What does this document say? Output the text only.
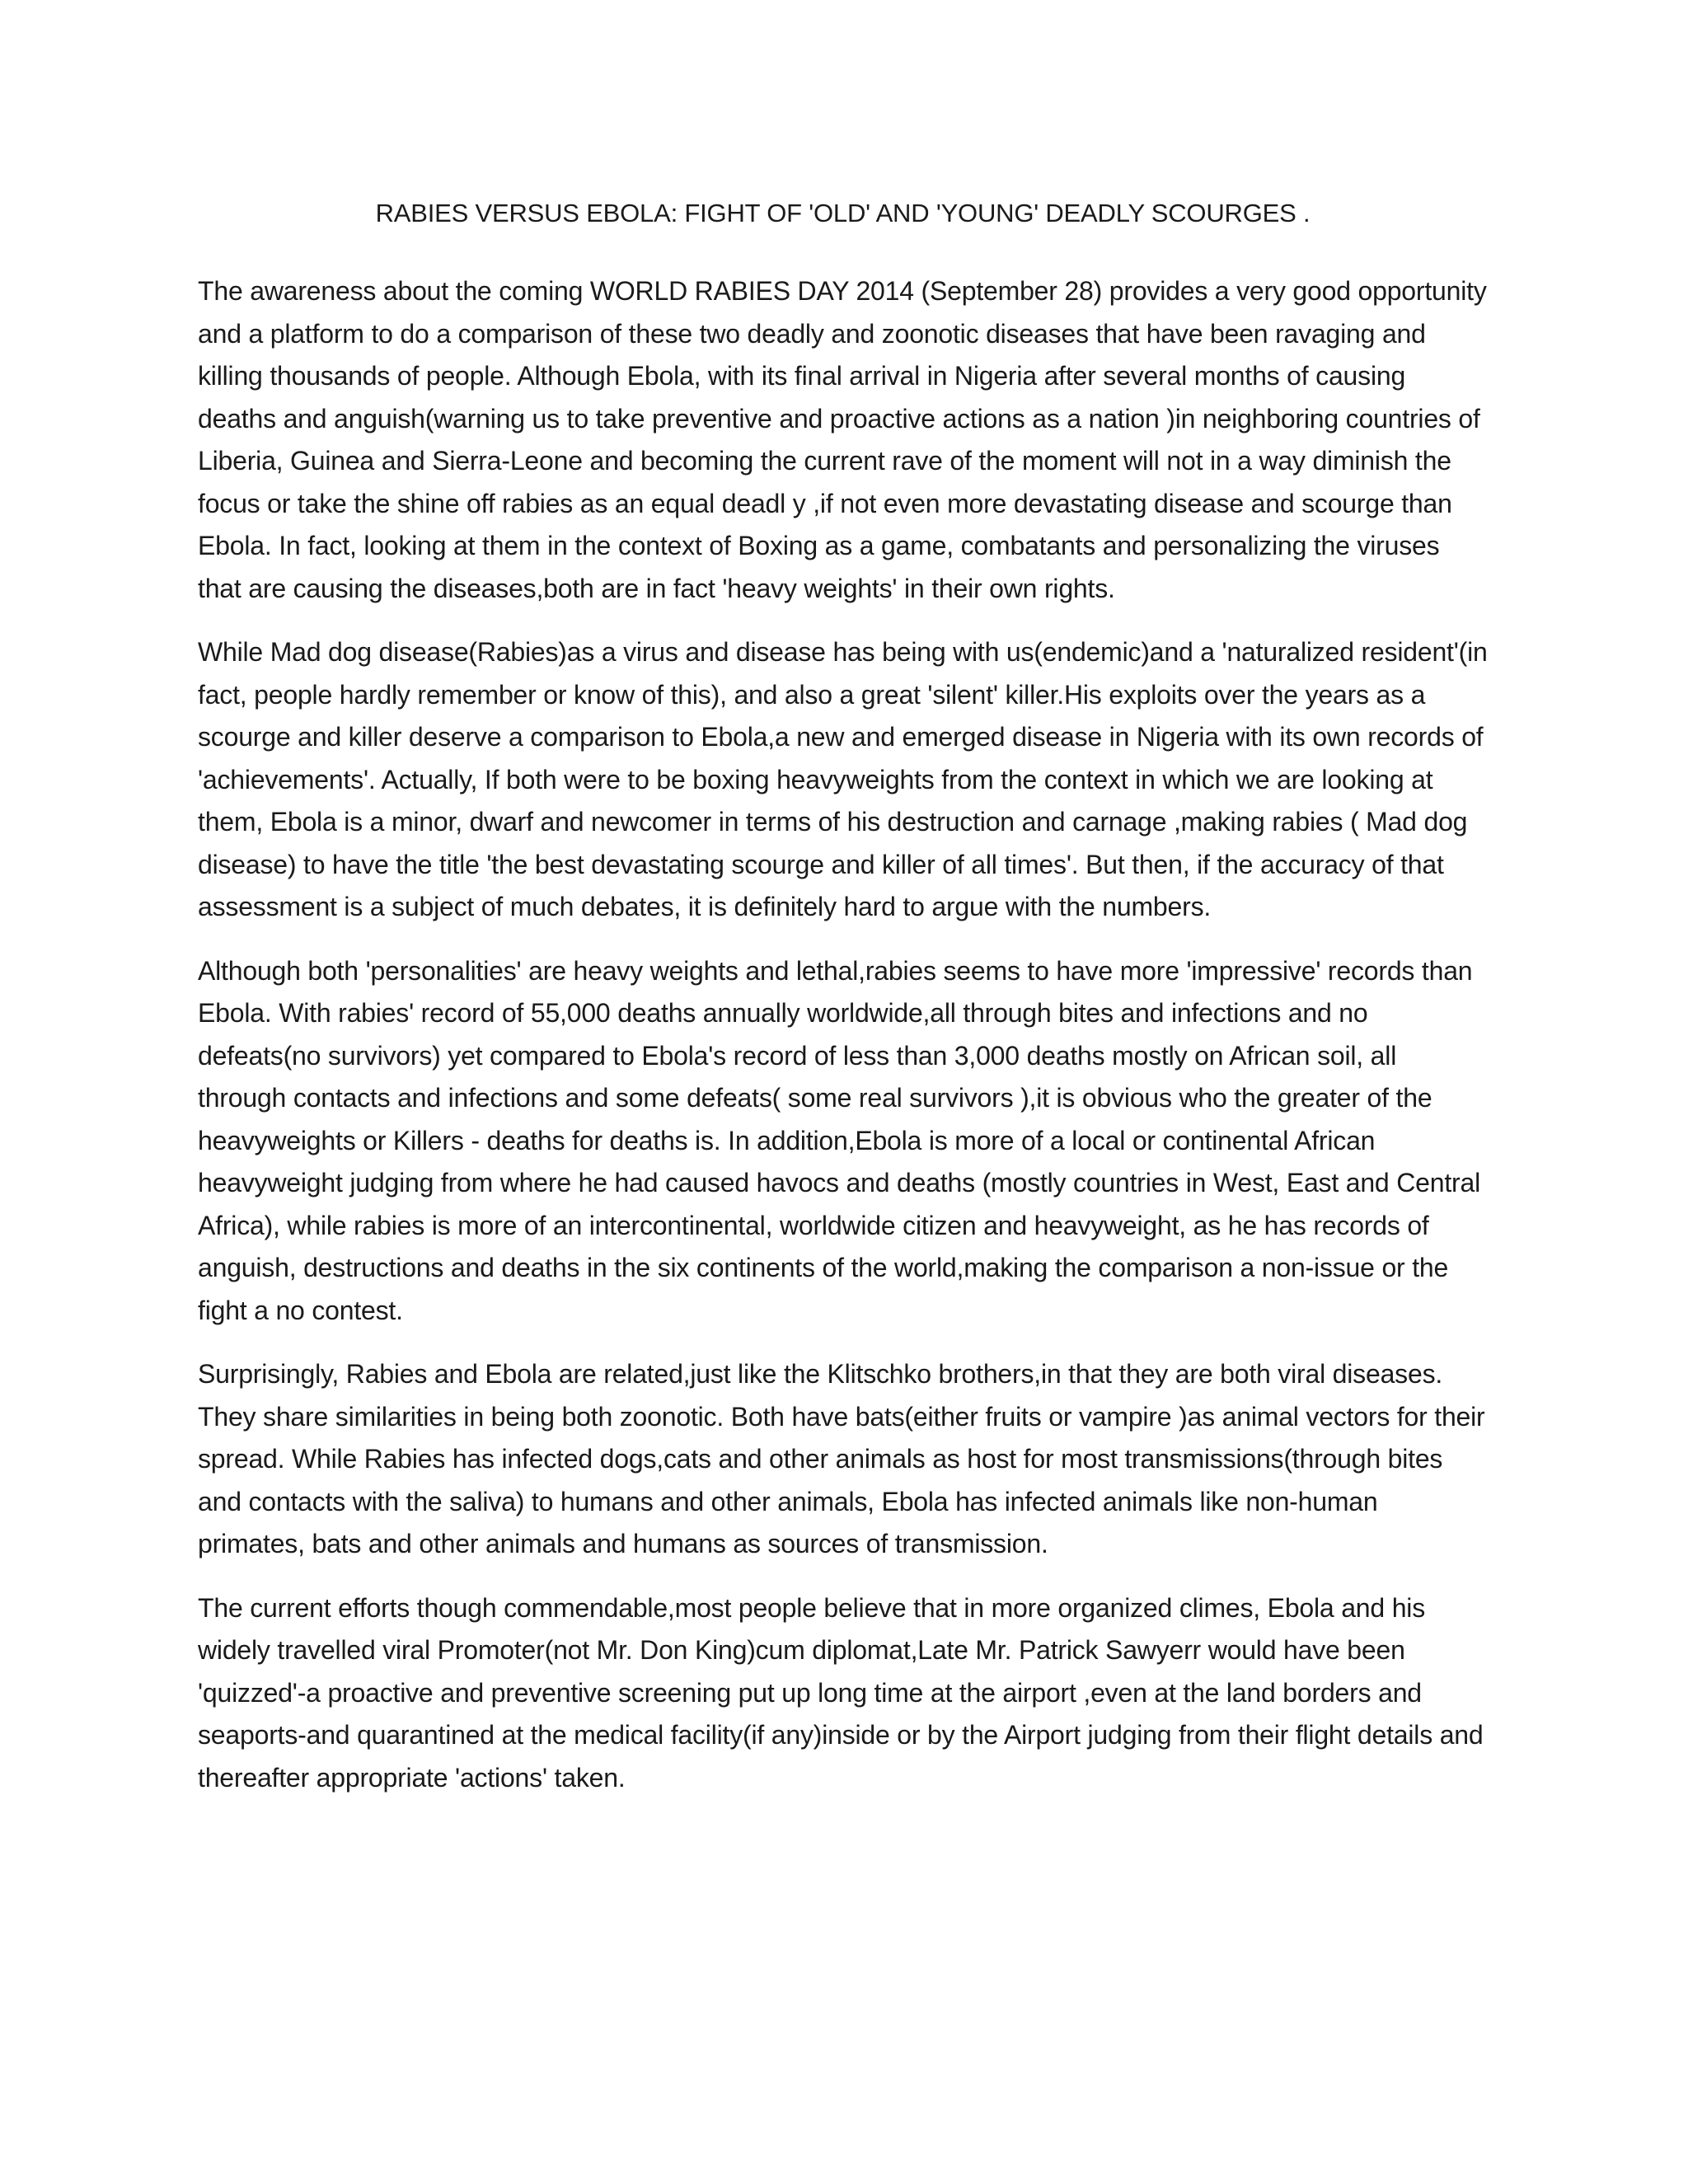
RABIES VERSUS EBOLA: FIGHT OF 'OLD' AND 'YOUNG' DEADLY SCOURGES .

The awareness about the coming WORLD RABIES DAY 2014 (September 28) provides a very good opportunity and a platform to do a comparison of these two deadly and zoonotic diseases that have been ravaging and killing thousands of people. Although Ebola, with its final arrival in Nigeria after several months of causing deaths and anguish(warning us to take preventive and proactive actions as a nation )in neighboring countries of Liberia, Guinea and Sierra-Leone and becoming the current rave of the moment will not in a way diminish the focus or take the shine off rabies as an equal deadl y ,if not even more devastating disease and scourge than Ebola. In fact, looking at them in the context of Boxing as a game, combatants and personalizing the viruses that are causing the diseases,both are in fact 'heavy weights' in their own rights.

While Mad dog disease(Rabies)as a virus and disease has being with us(endemic)and a 'naturalized resident'(in fact, people hardly remember or know of this), and also a great 'silent' killer.His exploits over the years as a scourge and killer deserve a comparison to Ebola,a new and emerged disease in Nigeria with its own records of 'achievements'. Actually, If both were to be boxing heavyweights from the context in which we are looking at them, Ebola is a minor, dwarf and newcomer in terms of his destruction and carnage ,making rabies ( Mad dog disease) to have the title 'the best devastating scourge and killer of all times'. But then, if the accuracy of that assessment is a subject of much debates, it is definitely hard to argue with the numbers.

Although both 'personalities' are heavy weights and lethal,rabies seems to have more 'impressive' records than Ebola. With rabies' record of 55,000 deaths annually worldwide,all through bites and infections and no defeats(no survivors) yet compared to Ebola's record of less than 3,000 deaths mostly on African soil, all through contacts and infections and some defeats( some real survivors ),it is obvious who the greater of the heavyweights or Killers - deaths for deaths is. In addition,Ebola is more of a local or continental African heavyweight judging from where he had caused havocs and deaths (mostly countries in West, East and Central Africa), while rabies is more of an intercontinental, worldwide citizen and heavyweight, as he has records of anguish, destructions and deaths in the six continents of the world,making the comparison a non-issue or the fight a no contest.

Surprisingly, Rabies and Ebola are related,just like the Klitschko brothers,in that they are both viral diseases. They share similarities in being both zoonotic. Both have bats(either fruits or vampire )as animal vectors for their spread. While Rabies has infected dogs,cats and other animals as host for most transmissions(through bites and contacts with the saliva) to humans and other animals, Ebola has infected animals like non-human primates, bats and other animals and humans as sources of transmission.

The current efforts though commendable,most people believe that in more organized climes, Ebola and his widely travelled viral Promoter(not Mr. Don King)cum diplomat,Late Mr. Patrick Sawyerr would have been 'quizzed'-a proactive and preventive screening put up long time at the airport ,even at the land borders and seaports-and quarantined at the medical facility(if any)inside or by the Airport judging from their flight details and thereafter appropriate 'actions' taken.
